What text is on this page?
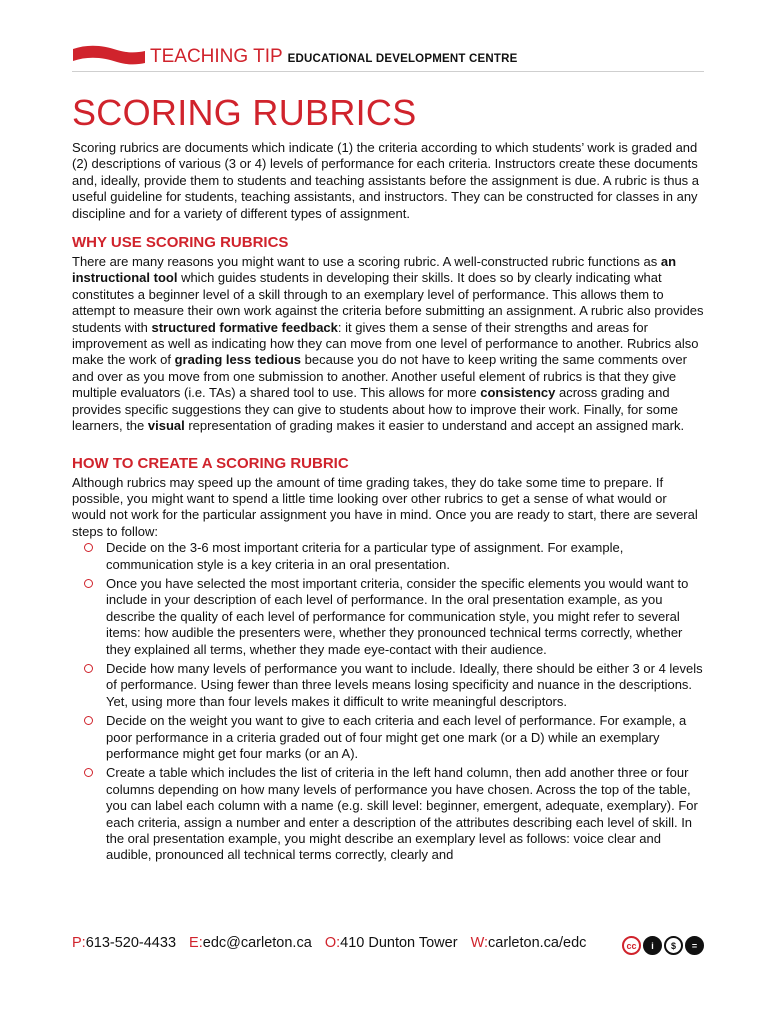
TEACHING TIP EDUCATIONAL DEVELOPMENT CENTRE
SCORING RUBRICS

Scoring rubrics are documents which indicate (1) the criteria according to which students’ work is graded and (2) descriptions of various (3 or 4) levels of performance for each criteria. Instructors create these documents and, ideally, provide them to students and teaching assistants before the assignment is due. A rubric is thus a useful guideline for students, teaching assistants, and instructors. They can be constructed for classes in any discipline and for a variety of different types of assignment.

WHY USE SCORING RUBRICS

There are many reasons you might want to use a scoring rubric. A well-constructed rubric functions as an instructional tool which guides students in developing their skills. It does so by clearly indicating what constitutes a beginner level of a skill through to an exemplary level of performance. This allows them to attempt to measure their own work against the criteria before submitting an assignment. A rubric also provides students with structured formative feedback: it gives them a sense of their strengths and areas for improvement as well as indicating how they can move from one level of performance to another. Rubrics also make the work of grading less tedious because you do not have to keep writing the same comments over and over as you move from one submission to another. Another useful element of rubrics is that they give multiple evaluators (i.e. TAs) a shared tool to use. This allows for more consistency across grading and provides specific suggestions they can give to students about how to improve their work. Finally, for some learners, the visual representation of grading makes it easier to understand and accept an assigned mark.

HOW TO CREATE A SCORING RUBRIC

Although rubrics may speed up the amount of time grading takes, they do take some time to prepare. If possible, you might want to spend a little time looking over other rubrics to get a sense of what would or would not work for the particular assignment you have in mind. Once you are ready to start, there are several steps to follow:

Decide on the 3-6 most important criteria for a particular type of assignment. For example, communication style is a key criteria in an oral presentation.
Once you have selected the most important criteria, consider the specific elements you would want to include in your description of each level of performance. In the oral presentation example, as you describe the quality of each level of performance for communication style, you might refer to several items: how audible the presenters were, whether they pronounced technical terms correctly, whether they explained all terms, whether they made eye-contact with their audience.
Decide how many levels of performance you want to include. Ideally, there should be either 3 or 4 levels of performance. Using fewer than three levels means losing specificity and nuance in the descriptions. Yet, using more than four levels makes it difficult to write meaningful descriptors.
Decide on the weight you want to give to each criteria and each level of performance. For example, a poor performance in a criteria graded out of four might get one mark (or a D) while an exemplary performance might get four marks (or an A).
Create a table which includes the list of criteria in the left hand column, then add another three or four columns depending on how many levels of performance you have chosen. Across the top of the table, you can label each column with a name (e.g. skill level: beginner, emergent, adequate, exemplary). For each criteria, assign a number and enter a description of the attributes describing each level of skill. In the oral presentation example, you might describe an exemplary level as follows: voice clear and audible, pronounced all technical terms correctly, clearly and
P:613-520-4433 E:edc@carleton.ca O:410 Dunton Tower W:carleton.ca/edc	cc	i	$	=
